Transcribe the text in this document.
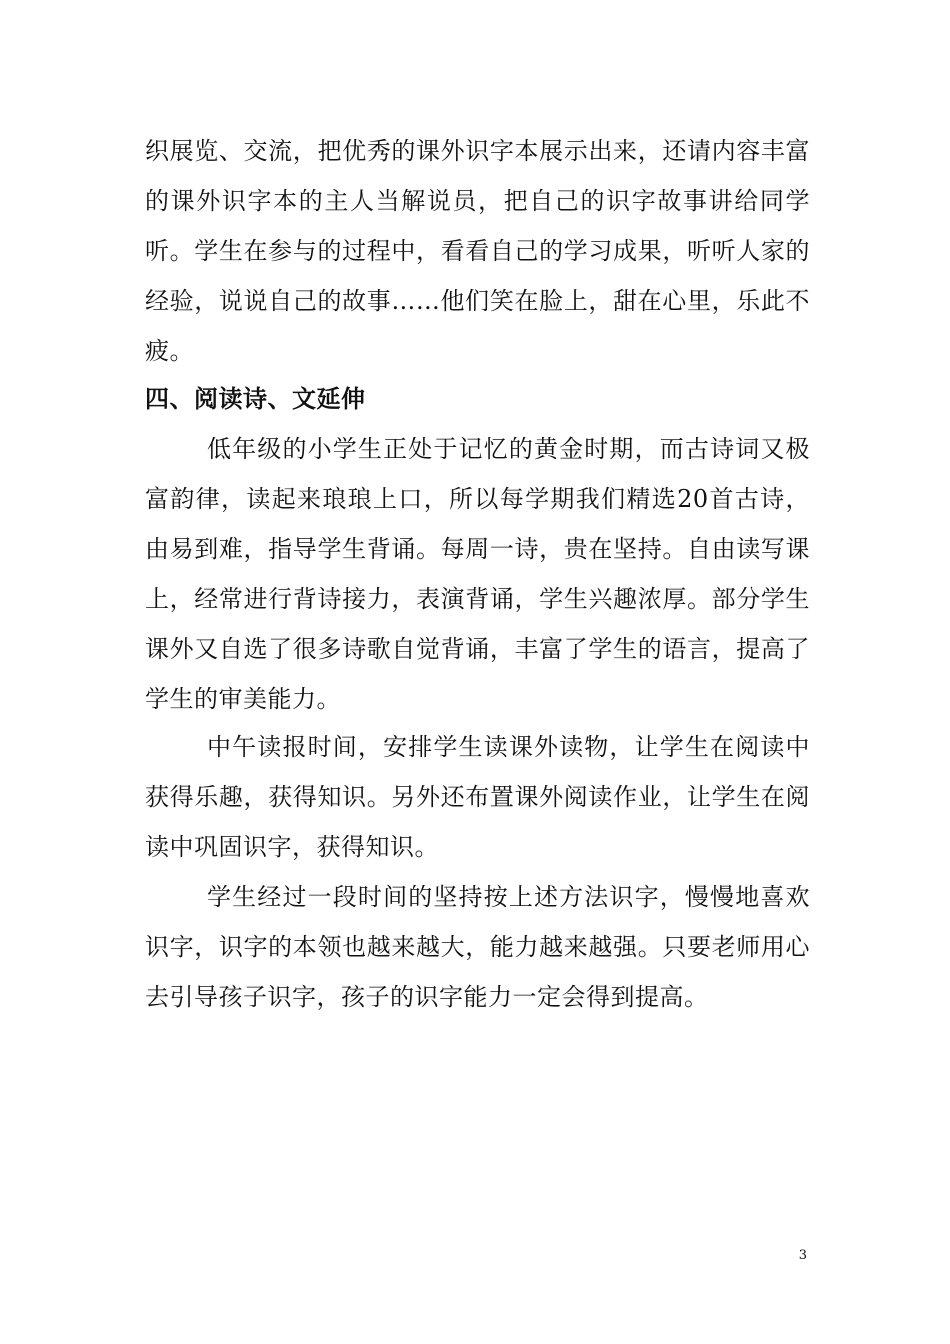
织展览、交流，把优秀的课外识字本展示出来，还请内容丰富的课外识字本的主人当解说员，把自己的识字故事讲给同学听。学生在参与的过程中，看看自己的学习成果，听听人家的经验，说说自己的故事……他们笑在脸上，甜在心里，乐此不疲。

四、阅读诗、文延伸

低年级的小学生正处于记忆的黄金时期，而古诗词又极富韵律，读起来琅琅上口，所以每学期我们精选20首古诗，由易到难，指导学生背诵。每周一诗，贵在坚持。自由读写课上，经常进行背诗接力，表演背诵，学生兴趣浓厚。部分学生课外又自选了很多诗歌自觉背诵，丰富了学生的语言，提高了学生的审美能力。

中午读报时间，安排学生读课外读物，让学生在阅读中获得乐趣，获得知识。另外还布置课外阅读作业，让学生在阅读中巩固识字，获得知识。

学生经过一段时间的坚持按上述方法识字，慢慢地喜欢识字，识字的本领也越来越大，能力越来越强。只要老师用心去引导孩子识字，孩子的识字能力一定会得到提高。

3
